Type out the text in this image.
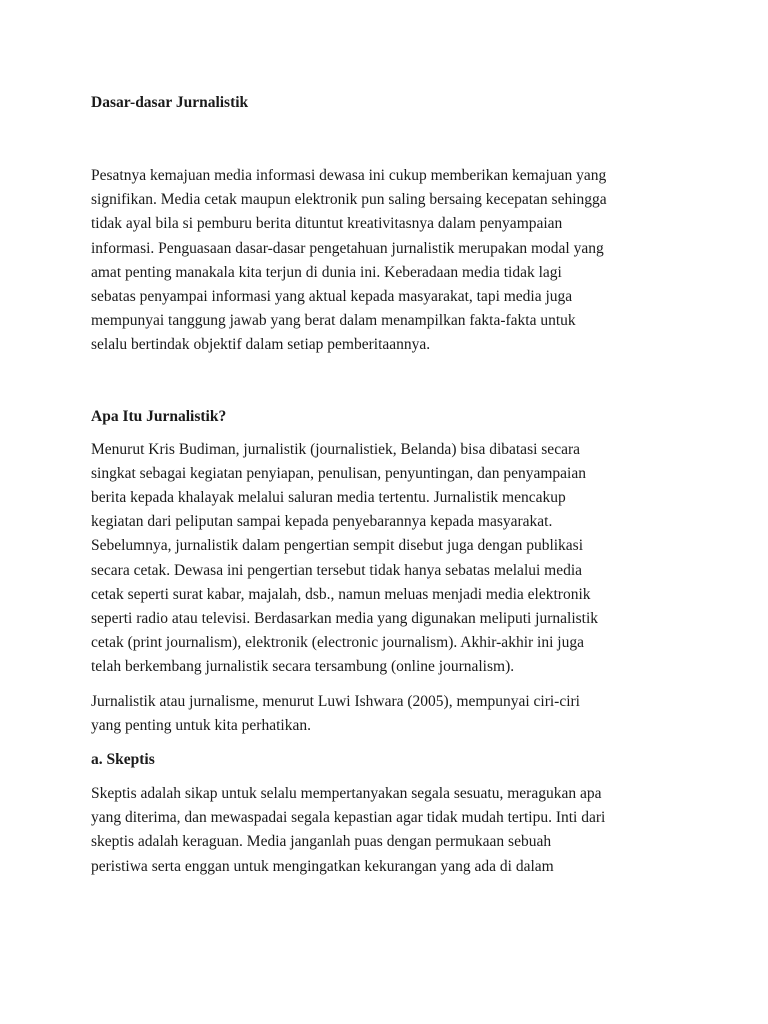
Dasar-dasar Jurnalistik

Pesatnya kemajuan media informasi dewasa ini cukup memberikan kemajuan yang
signifikan. Media cetak maupun elektronik pun saling bersaing kecepatan sehingga
tidak ayal bila si pemburu berita dituntut kreativitasnya dalam penyampaian
informasi. Penguasaan dasar-dasar pengetahuan jurnalistik merupakan modal yang
amat penting manakala kita terjun di dunia ini. Keberadaan media tidak lagi
sebatas penyampai informasi yang aktual kepada masyarakat, tapi media juga
mempunyai tanggung jawab yang berat dalam menampilkan fakta-fakta untuk
selalu bertindak objektif dalam setiap pemberitaannya.

Apa Itu Jurnalistik?

Menurut Kris Budiman, jurnalistik (journalistiek, Belanda) bisa dibatasi secara
singkat sebagai kegiatan penyiapan, penulisan, penyuntingan, dan penyampaian
berita kepada khalayak melalui saluran media tertentu. Jurnalistik mencakup
kegiatan dari peliputan sampai kepada penyebarannya kepada masyarakat.
Sebelumnya, jurnalistik dalam pengertian sempit disebut juga dengan publikasi
secara cetak. Dewasa ini pengertian tersebut tidak hanya sebatas melalui media
cetak seperti surat kabar, majalah, dsb., namun meluas menjadi media elektronik
seperti radio atau televisi. Berdasarkan media yang digunakan meliputi jurnalistik
cetak (print journalism), elektronik (electronic journalism). Akhir-akhir ini juga
telah berkembang jurnalistik secara tersambung (online journalism).

Jurnalistik atau jurnalisme, menurut Luwi Ishwara (2005), mempunyai ciri-ciri
yang penting untuk kita perhatikan.

a. Skeptis

Skeptis adalah sikap untuk selalu mempertanyakan segala sesuatu, meragukan apa
yang diterima, dan mewaspadai segala kepastian agar tidak mudah tertipu. Inti dari
skeptis adalah keraguan. Media janganlah puas dengan permukaan sebuah
peristiwa serta enggan untuk mengingatkan kekurangan yang ada di dalam
